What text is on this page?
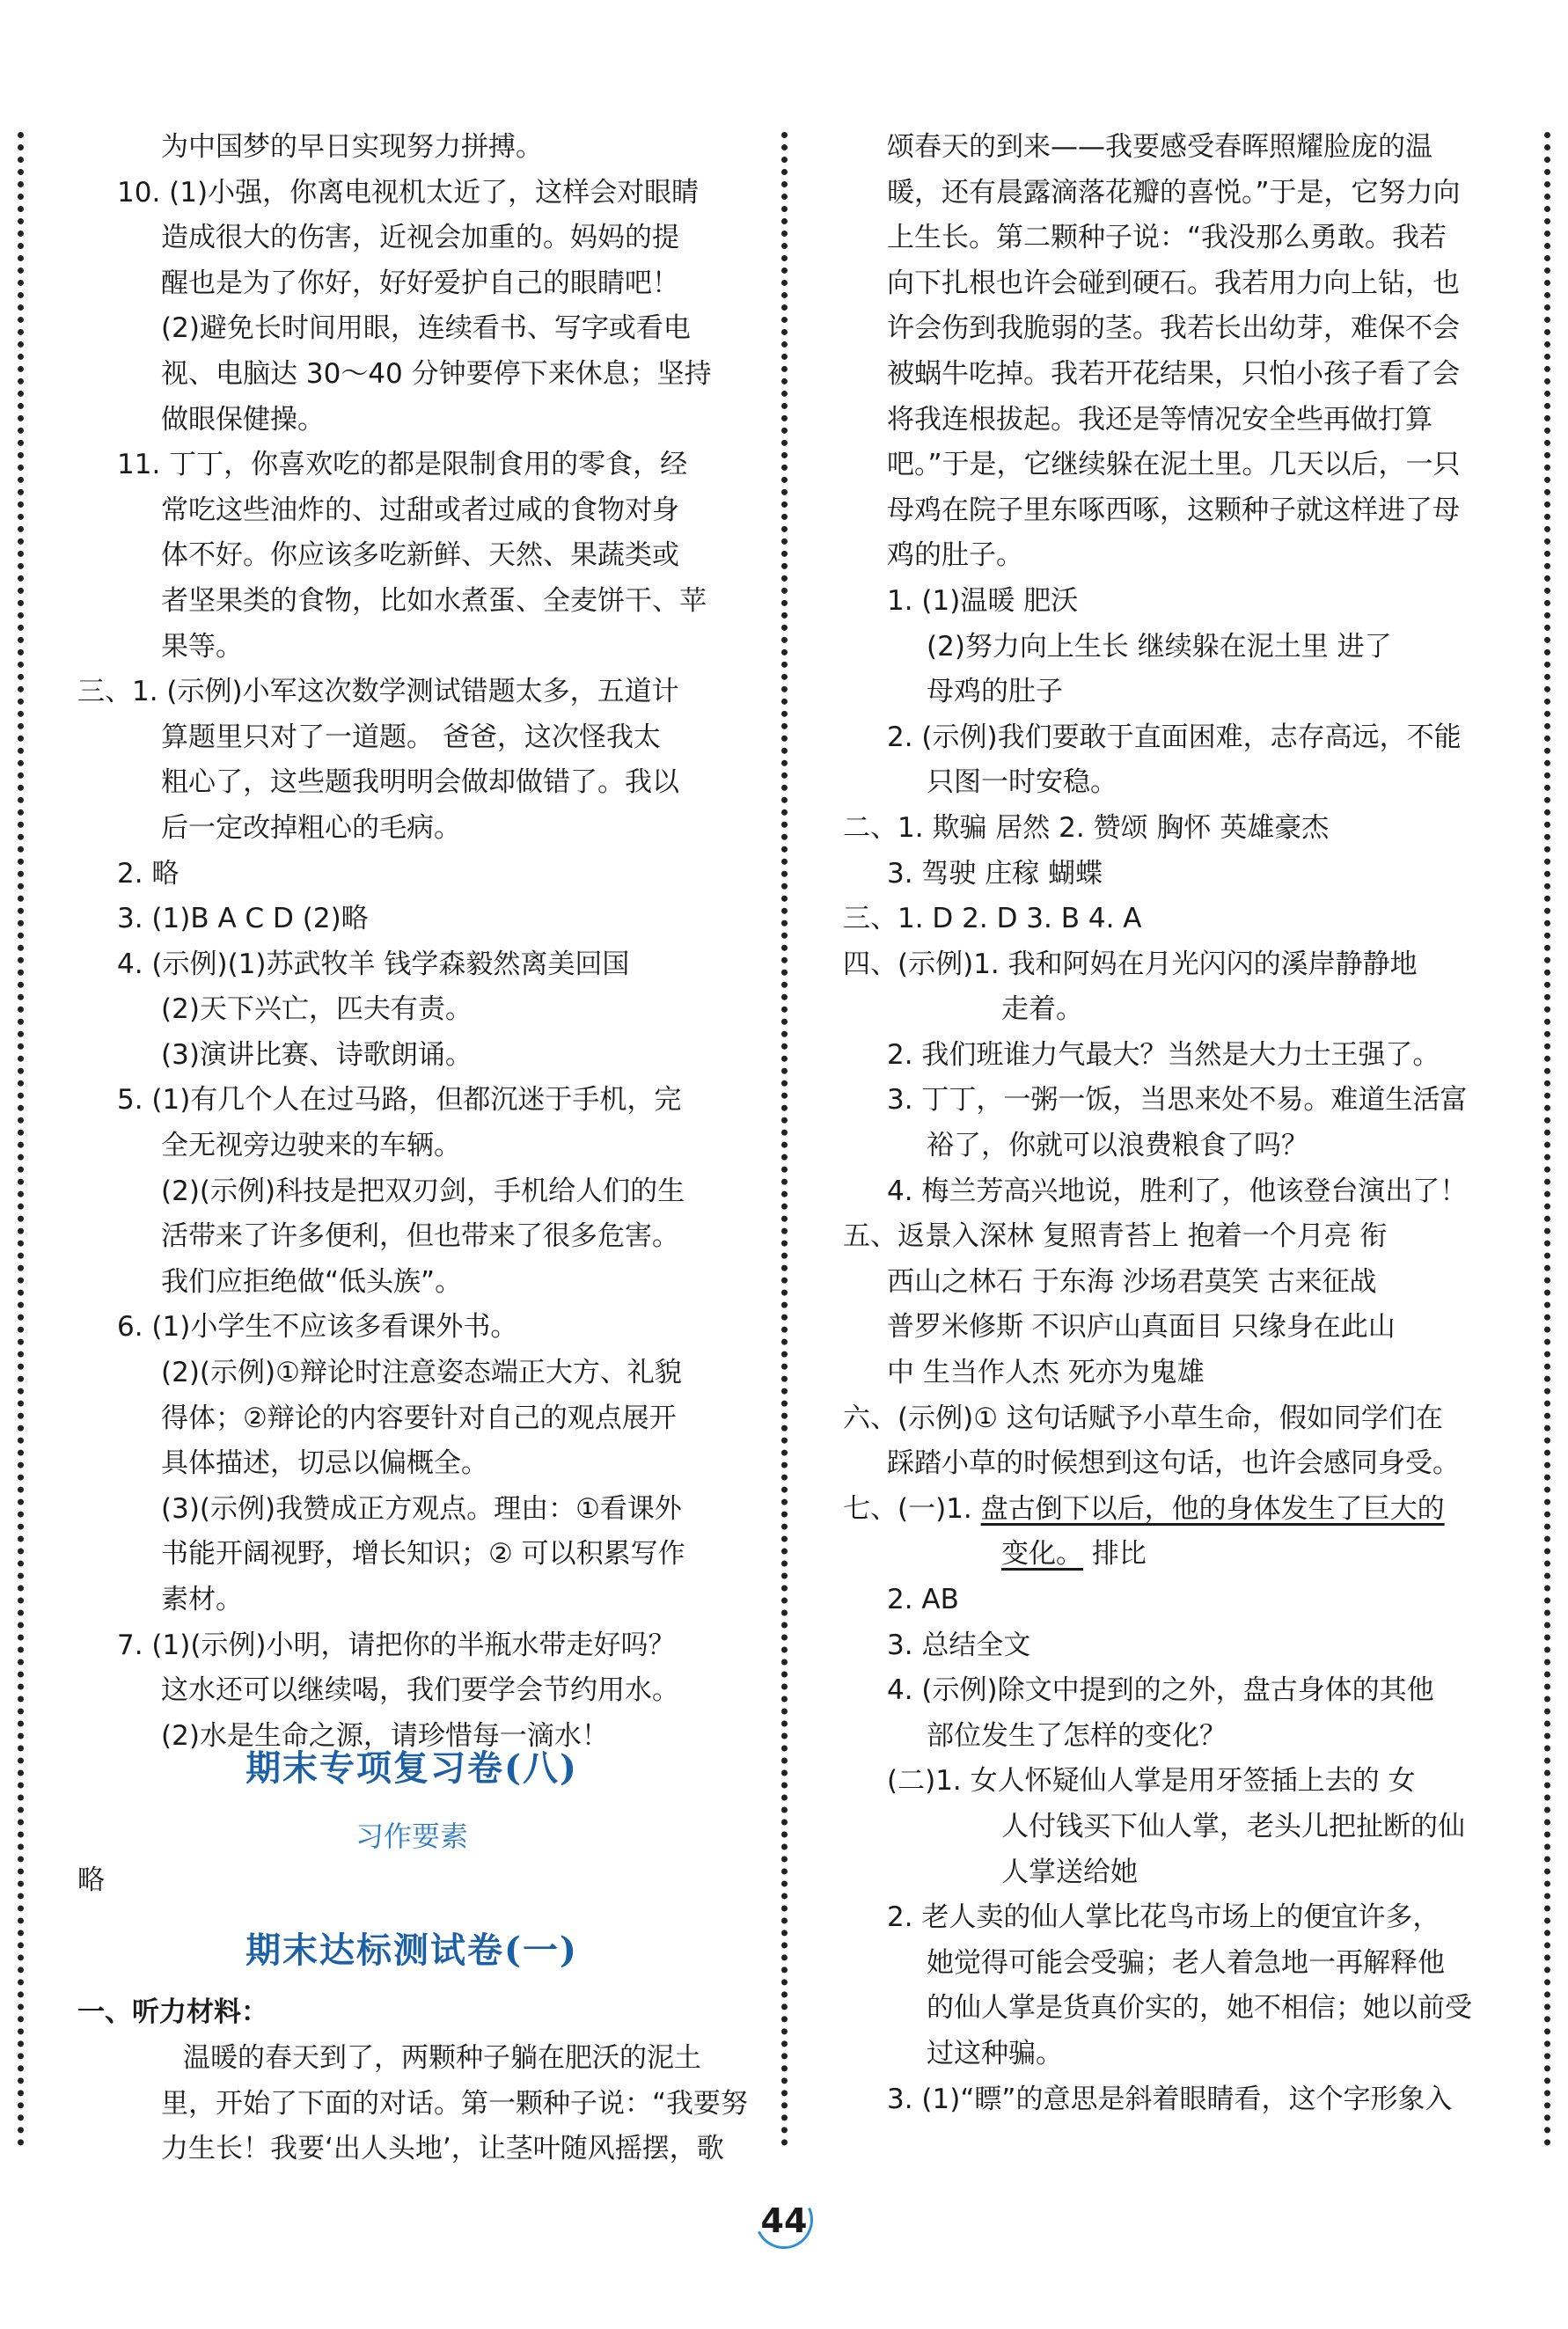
为中国梦的早日实现努力拼搏。
10. (1)小强，你离电视机太近了，这样会对眼睛
造成很大的伤害，近视会加重的。妈妈的提
醒也是为了你好，好好爱护自己的眼睛吧！
(2)避免长时间用眼，连续看书、写字或看电
视、电脑达 30～40 分钟要停下来休息；坚持
做眼保健操。
11. 丁丁，你喜欢吃的都是限制食用的零食，经
常吃这些油炸的、过甜或者过咸的食物对身
体不好。你应该多吃新鲜、天然、果蔬类或
者坚果类的食物，比如水煮蛋、全麦饼干、苹
果等。
三、1. (示例)小军这次数学测试错题太多，五道计
算题里只对了一道题。 爸爸，这次怪我太
粗心了，这些题我明明会做却做错了。我以
后一定改掉粗心的毛病。
2. 略
3. (1)B A C D (2)略
4. (示例)(1)苏武牧羊 钱学森毅然离美回国
(2)天下兴亡，匹夫有责。
(3)演讲比赛、诗歌朗诵。
5. (1)有几个人在过马路，但都沉迷于手机，完
全无视旁边驶来的车辆。
(2)(示例)科技是把双刃剑，手机给人们的生
活带来了许多便利，但也带来了很多危害。
我们应拒绝做“低头族”。
6. (1)小学生不应该多看课外书。
(2)(示例)①辩论时注意姿态端正大方、礼貌
得体；②辩论的内容要针对自己的观点展开
具体描述，切忌以偏概全。
(3)(示例)我赞成正方观点。理由：①看课外
书能开阔视野，增长知识；② 可以积累写作
素材。
7. (1)(示例)小明，请把你的半瓶水带走好吗？
这水还可以继续喝，我们要学会节约用水。
(2)水是生命之源，请珍惜每一滴水！
期末专项复习卷(八)
习作要素
略
期末达标测试卷(一)
一、听力材料：
温暖的春天到了，两颗种子躺在肥沃的泥土
里，开始了下面的对话。第一颗种子说：“我要努
力生长！我要‘出人头地’，让茎叶随风摇摆，歌
颂春天的到来——我要感受春晖照耀脸庞的温
暖，还有晨露滴落花瓣的喜悦。”于是，它努力向
上生长。第二颗种子说：“我没那么勇敢。我若
向下扎根也许会碰到硬石。我若用力向上钻，也
许会伤到我脆弱的茎。我若长出幼芽，难保不会
被蜗牛吃掉。我若开花结果，只怕小孩子看了会
将我连根拔起。我还是等情况安全些再做打算
吧。”于是，它继续躲在泥土里。几天以后，一只
母鸡在院子里东啄西啄，这颗种子就这样进了母
鸡的肚子。
1. (1)温暖 肥沃
(2)努力向上生长 继续躲在泥土里 进了
母鸡的肚子
2. (示例)我们要敢于直面困难，志存高远，不能
只图一时安稳。
二、1. 欺骗 居然 2. 赞颂 胸怀 英雄豪杰
3. 驾驶 庄稼 蝴蝶
三、1. D 2. D 3. B 4. A
四、(示例)1. 我和阿妈在月光闪闪的溪岸静静地
走着。
2. 我们班谁力气最大？当然是大力士王强了。
3. 丁丁，一粥一饭，当思来处不易。难道生活富
裕了，你就可以浪费粮食了吗？
4. 梅兰芳高兴地说，胜利了，他该登台演出了！
五、返景入深林 复照青苔上 抱着一个月亮 衔
西山之林石 于东海 沙场君莫笑 古来征战
普罗米修斯 不识庐山真面目 只缘身在此山
中 生当作人杰 死亦为鬼雄
六、(示例)① 这句话赋予小草生命，假如同学们在
踩踏小草的时候想到这句话，也许会感同身受。
七、(一)1. 盘古倒下以后，他的身体发生了巨大的
变化。 排比
2. AB
3. 总结全文
4. (示例)除文中提到的之外，盘古身体的其他
部位发生了怎样的变化？
(二)1. 女人怀疑仙人掌是用牙签插上去的 女
人付钱买下仙人掌，老头儿把扯断的仙
人掌送给她
2. 老人卖的仙人掌比花鸟市场上的便宜许多，
她觉得可能会受骗；老人着急地一再解释他
的仙人掌是货真价实的，她不相信；她以前受
过这种骗。
3. (1)“瞟”的意思是斜着眼睛看，这个字形象入
44
